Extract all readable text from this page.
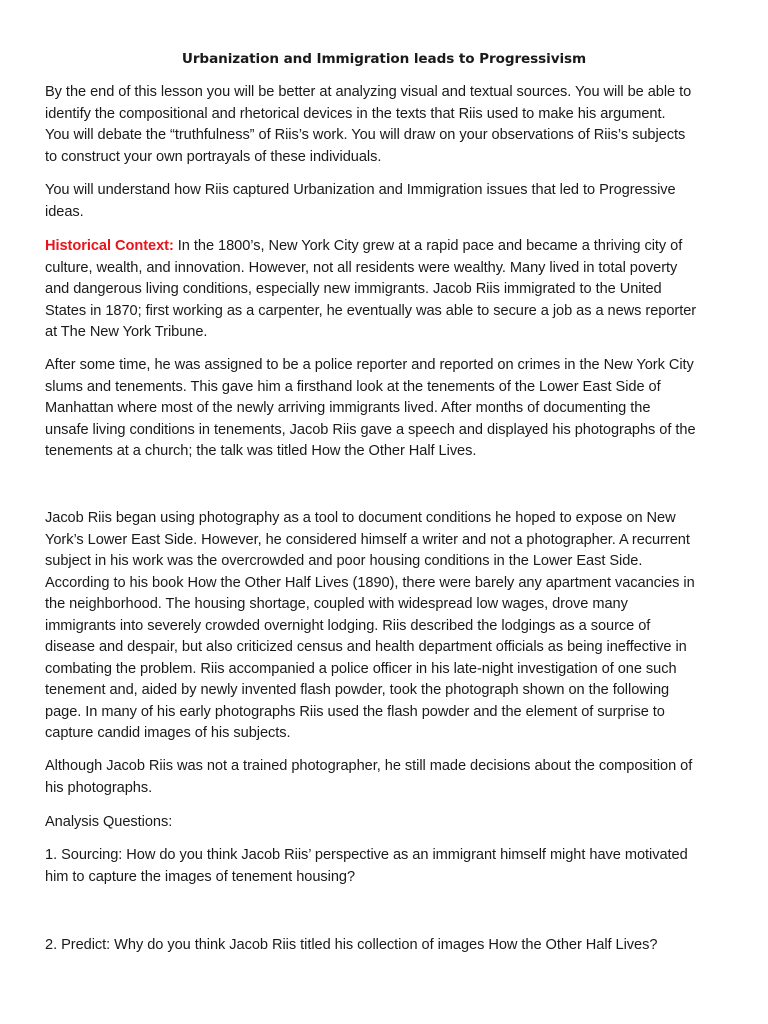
Urbanization and Immigration leads to Progressivism

By the end of this lesson you will be better at analyzing visual and textual sources. You will be able to
identify the compositional and rhetorical devices in the texts that Riis used to make his argument.
You will debate the “truthfulness” of Riis’s work. You will draw on your observations of Riis’s subjects
to construct your own portrayals of these individuals.

You will understand how Riis captured Urbanization and Immigration issues that led to Progressive
ideas.

Historical Context: In the 1800’s, New York City grew at a rapid pace and became a thriving city of
culture, wealth, and innovation. However, not all residents were wealthy. Many lived in total poverty
and dangerous living conditions, especially new immigrants. Jacob Riis immigrated to the United
States in 1870; first working as a carpenter, he eventually was able to secure a job as a news reporter
at The New York Tribune.

After some time, he was assigned to be a police reporter and reported on crimes in the New York City
slums and tenements. This gave him a firsthand look at the tenements of the Lower East Side of
Manhattan where most of the newly arriving immigrants lived. After months of documenting the
unsafe living conditions in tenements, Jacob Riis gave a speech and displayed his photographs of the
tenements at a church; the talk was titled How the Other Half Lives.

Jacob Riis began using photography as a tool to document conditions he hoped to expose on New
York’s Lower East Side. However, he considered himself a writer and not a photographer. A recurrent
subject in his work was the overcrowded and poor housing conditions in the Lower East Side.
According to his book How the Other Half Lives (1890), there were barely any apartment vacancies in
the neighborhood. The housing shortage, coupled with widespread low wages, drove many
immigrants into severely crowded overnight lodging. Riis described the lodgings as a source of
disease and despair, but also criticized census and health department officials as being ineffective in
combating the problem. Riis accompanied a police officer in his late-night investigation of one such
tenement and, aided by newly invented flash powder, took the photograph shown on the following
page. In many of his early photographs Riis used the flash powder and the element of surprise to
capture candid images of his subjects.

Although Jacob Riis was not a trained photographer, he still made decisions about the composition of
his photographs.

Analysis Questions:

1. Sourcing: How do you think Jacob Riis’ perspective as an immigrant himself might have motivated
him to capture the images of tenement housing?

2. Predict: Why do you think Jacob Riis titled his collection of images How the Other Half Lives?
